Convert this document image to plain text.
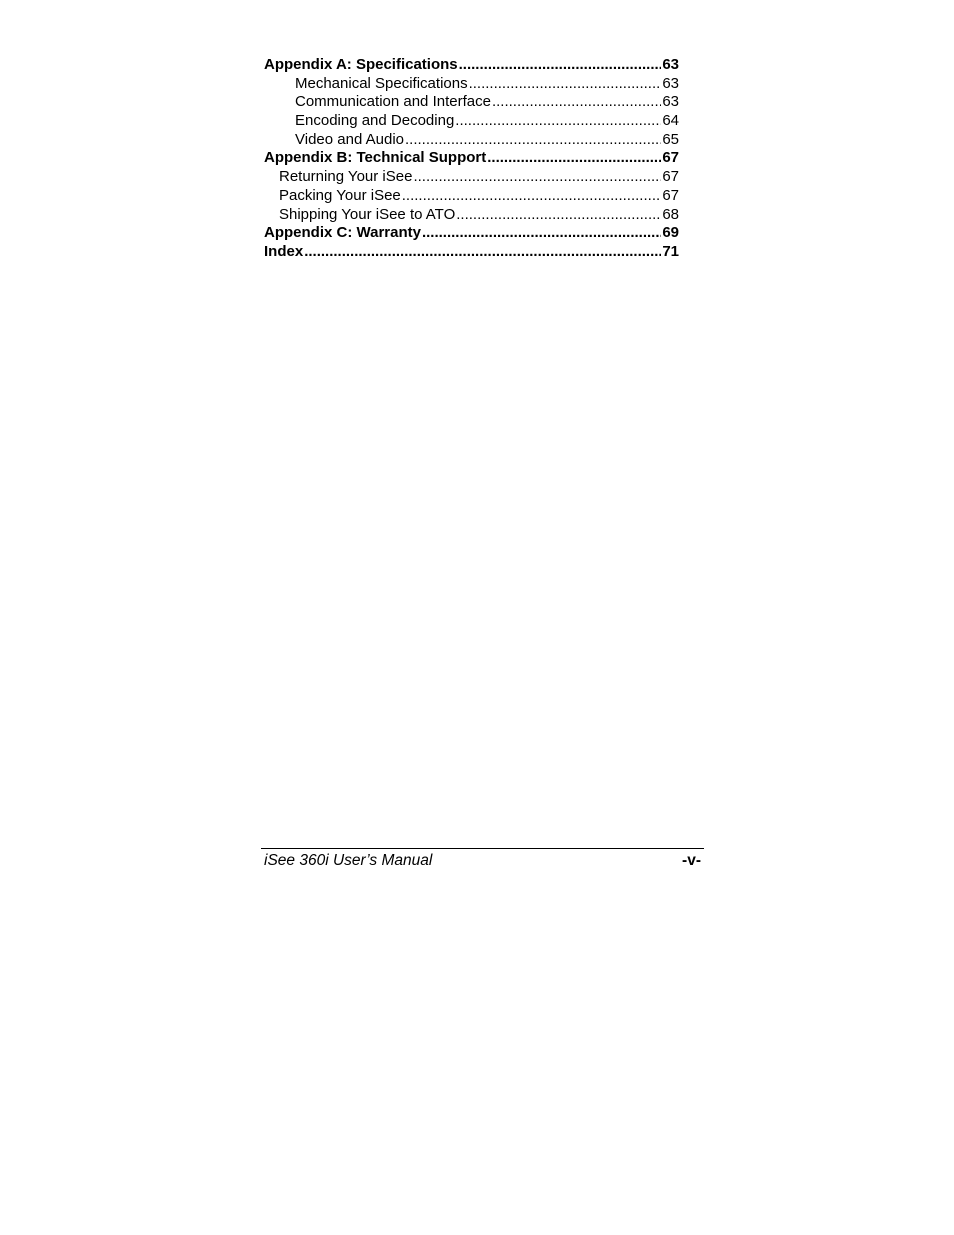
Appendix A: Specifications .....	63
Mechanical Specifications .....	63
Communication and Interface .....	63
Encoding and Decoding .....	64
Video and Audio .....	65
Appendix B: Technical Support .....	67
Returning Your iSee .....	67
Packing Your iSee .....	67
Shipping Your iSee to ATO .....	68
Appendix C: Warranty .....	69
Index .....	71
iSee 360i User’s Manual	-v-
